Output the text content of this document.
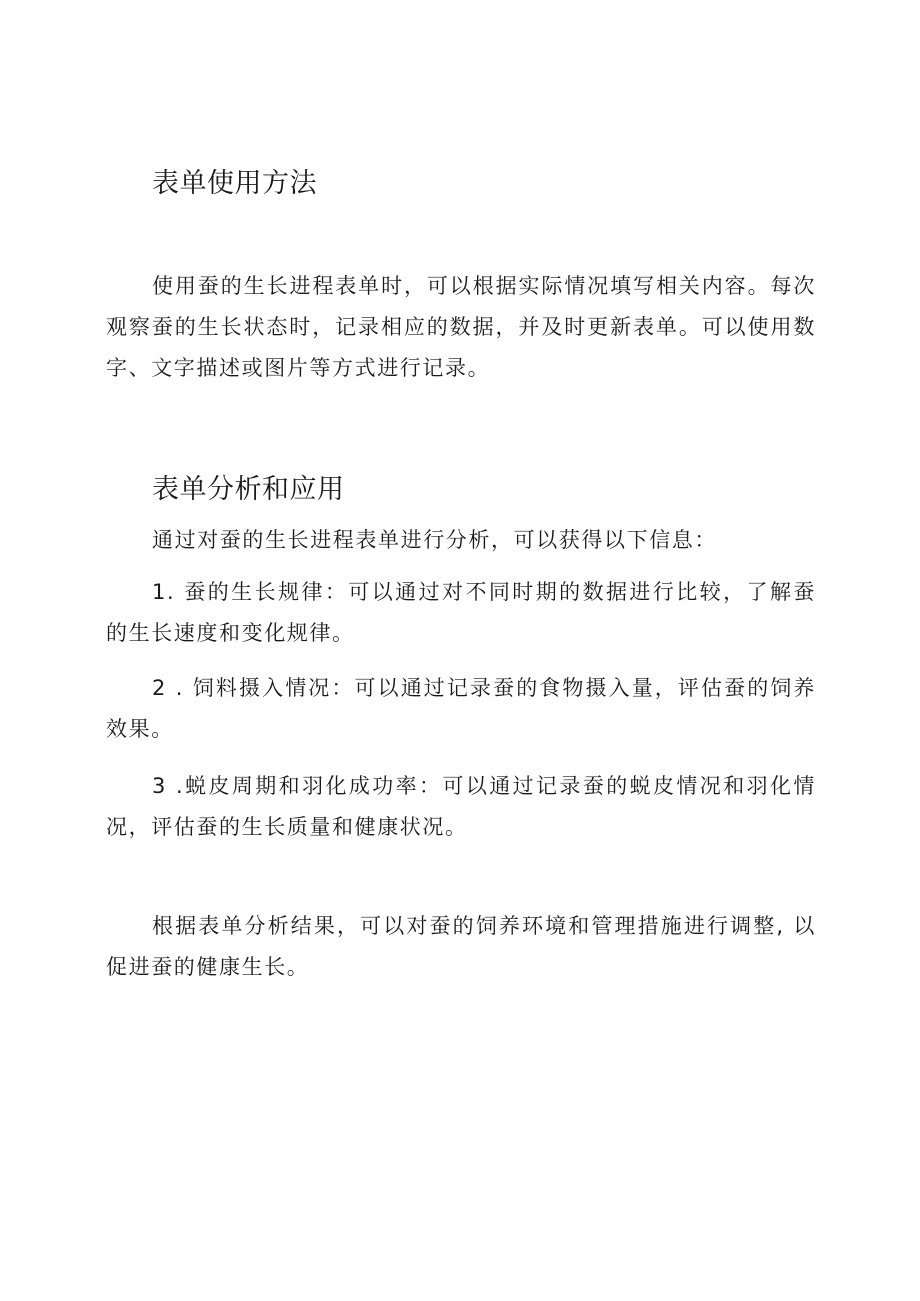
表单使用方法

使用蚕的生长进程表单时，可以根据实际情况填写相关内容。每次观察蚕的生长状态时，记录相应的数据，并及时更新表单。可以使用数字、文字描述或图片等方式进行记录。

表单分析和应用

通过对蚕的生长进程表单进行分析，可以获得以下信息：

1. 蚕的生长规律：可以通过对不同时期的数据进行比较，了解蚕的生长速度和变化规律。

2 . 饲料摄入情况：可以通过记录蚕的食物摄入量，评估蚕的饲养效果。

3 .蜕皮周期和羽化成功率：可以通过记录蚕的蜕皮情况和羽化情况，评估蚕的生长质量和健康状况。

根据表单分析结果，可以对蚕的饲养环境和管理措施进行调整, 以促进蚕的健康生长。
